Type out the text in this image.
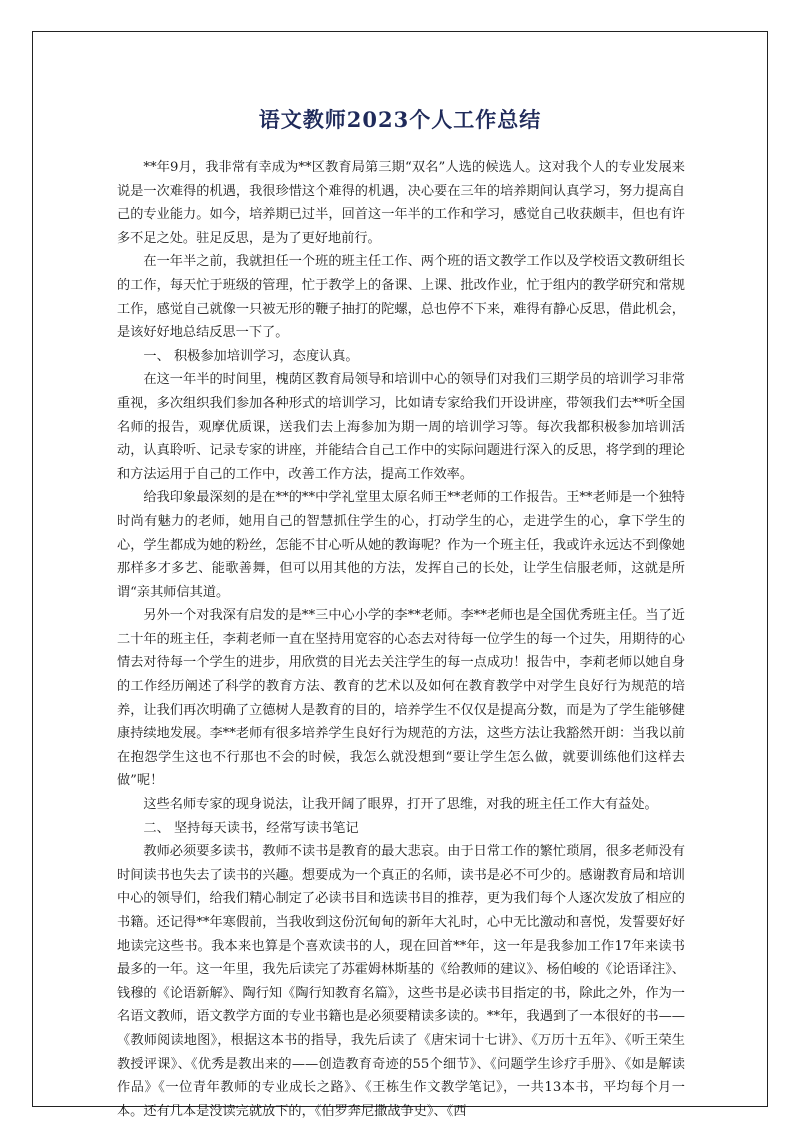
语文教师2023个人工作总结

**年9月，我非常有幸成为**区教育局第三期“双名”人选的候选人。这对我个人的专业发展来说是一次难得的机遇，我很珍惜这个难得的机遇，决心要在三年的培养期间认真学习，努力提高自己的专业能力。如今，培养期已过半，回首这一年半的工作和学习，感觉自己收获颇丰，但也有许多不足之处。驻足反思，是为了更好地前行。

在一年半之前，我就担任一个班的班主任工作、两个班的语文教学工作以及学校语文教研组长的工作，每天忙于班级的管理，忙于教学上的备课、上课、批改作业，忙于组内的教学研究和常规工作，感觉自己就像一只被无形的鞭子抽打的陀螺，总也停不下来，难得有静心反思，借此机会，是该好好地总结反思一下了。

一、 积极参加培训学习，态度认真。

在这一年半的时间里，槐荫区教育局领导和培训中心的领导们对我们三期学员的培训学习非常重视，多次组织我们参加各种形式的培训学习，比如请专家给我们开设讲座，带领我们去**听全国名师的报告，观摩优质课，送我们去上海参加为期一周的培训学习等。每次我都积极参加培训活动，认真聆听、记录专家的讲座，并能结合自己工作中的实际问题进行深入的反思，将学到的理论和方法运用于自己的工作中，改善工作方法，提高工作效率。

给我印象最深刻的是在**的**中学礼堂里太原名师王**老师的工作报告。王**老师是一个独特时尚有魅力的老师，她用自己的智慧抓住学生的心，打动学生的心，走进学生的心，拿下学生的心，学生都成为她的粉丝，怎能不甘心听从她的教诲呢？作为一个班主任，我或许永远达不到像她那样多才多艺、能歌善舞，但可以用其他的方法，发挥自己的长处，让学生信服老师，这就是所谓“亲其师信其道。

另外一个对我深有启发的是**三中心小学的李**老师。李**老师也是全国优秀班主任。当了近二十年的班主任，李莉老师一直在坚持用宽容的心态去对待每一位学生的每一个过失，用期待的心情去对待每一个学生的进步，用欣赏的目光去关注学生的每一点成功！报告中，李莉老师以她自身的工作经历阐述了科学的教育方法、教育的艺术以及如何在教育教学中对学生良好行为规范的培养，让我们再次明确了立德树人是教育的目的，培养学生不仅仅是提高分数，而是为了学生能够健康持续地发展。李**老师有很多培养学生良好行为规范的方法，这些方法让我豁然开朗：当我以前在抱怨学生这也不行那也不会的时候，我怎么就没想到“要让学生怎么做，就要训练他们这样去做”呢！

这些名师专家的现身说法，让我开阔了眼界，打开了思维，对我的班主任工作大有益处。

二、 坚持每天读书，经常写读书笔记

教师必须要多读书，教师不读书是教育的最大悲哀。由于日常工作的繁忙琐屑，很多老师没有时间读书也失去了读书的兴趣。想要成为一个真正的名师，读书是必不可少的。感谢教育局和培训中心的领导们，给我们精心制定了必读书目和选读书目的推荐，更为我们每个人逐次发放了相应的书籍。还记得**年寒假前，当我收到这份沉甸甸的新年大礼时，心中无比激动和喜悦，发誓要好好地读完这些书。我本来也算是个喜欢读书的人，现在回首**年，这一年是我参加工作17年来读书最多的一年。这一年里，我先后读完了苏霍姆林斯基的《给教师的建议》、杨伯峻的《论语译注》、钱穆的《论语新解》、陶行知《陶行知教育名篇》，这些书是必读书目指定的书，除此之外，作为一名语文教师，语文教学方面的专业书籍也是必须要精读多读的。**年，我遇到了一本很好的书——《教师阅读地图》，根据这本书的指导，我先后读了《唐宋词十七讲》、《万历十五年》、《听王荣生教授评课》、《优秀是教出来的——创造教育奇迹的55个细节》、《问题学生诊疗手册》、《如是解读作品》《一位青年教师的专业成长之路》、《王栋生作文教学笔记》，一共13本书，平均每个月一本。还有几本是没读完就放下的，《伯罗奔尼撒战争史》、《西
